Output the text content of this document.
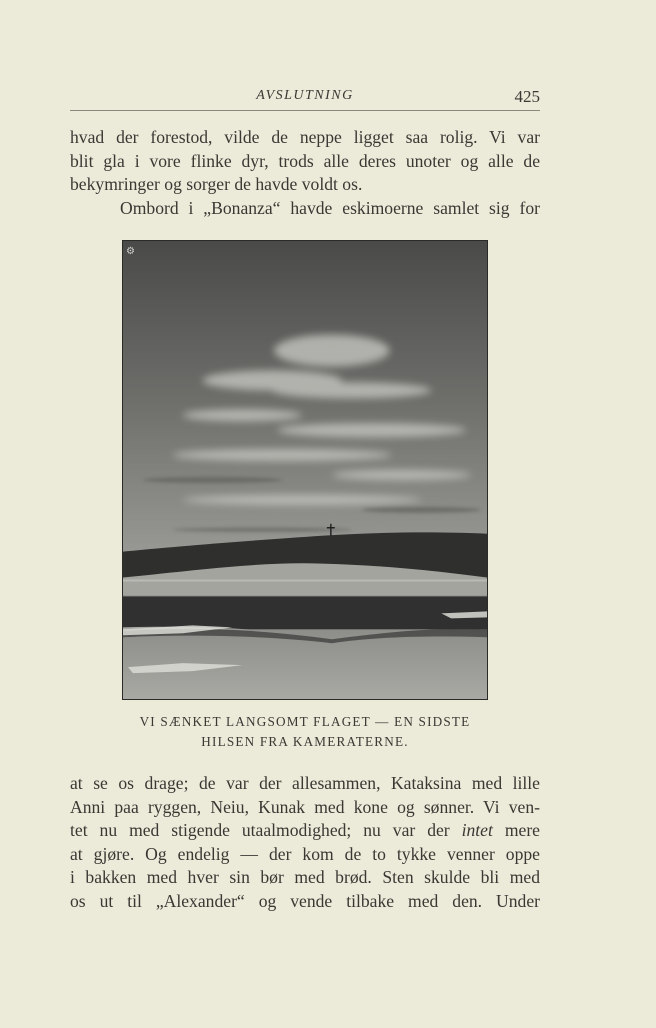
AVSLUTNING	425
hvad der forestod, vilde de neppe ligget saa rolig. Vi var
blit gla i vore flinke dyr, trods alle deres unoter og alle de
bekymringer og sorger de havde voldt os.
Ombord i „Bonanza“ havde eskimoerne samlet sig for
⚙
VI SÆNKET LANGSOMT FLAGET — EN SIDSTE
HILSEN FRA KAMERATERNE.
at se os drage; de var der allesammen, Kataksina med lille
Anni paa ryggen, Neiu, Kunak med kone og sønner. Vi ven-
tet nu med stigende utaalmodighed; nu var der intet mere
at gjøre. Og endelig — der kom de to tykke venner oppe
i bakken med hver sin bør med brød. Sten skulde bli med
os ut til „Alexander“ og vende tilbake med den. Under
